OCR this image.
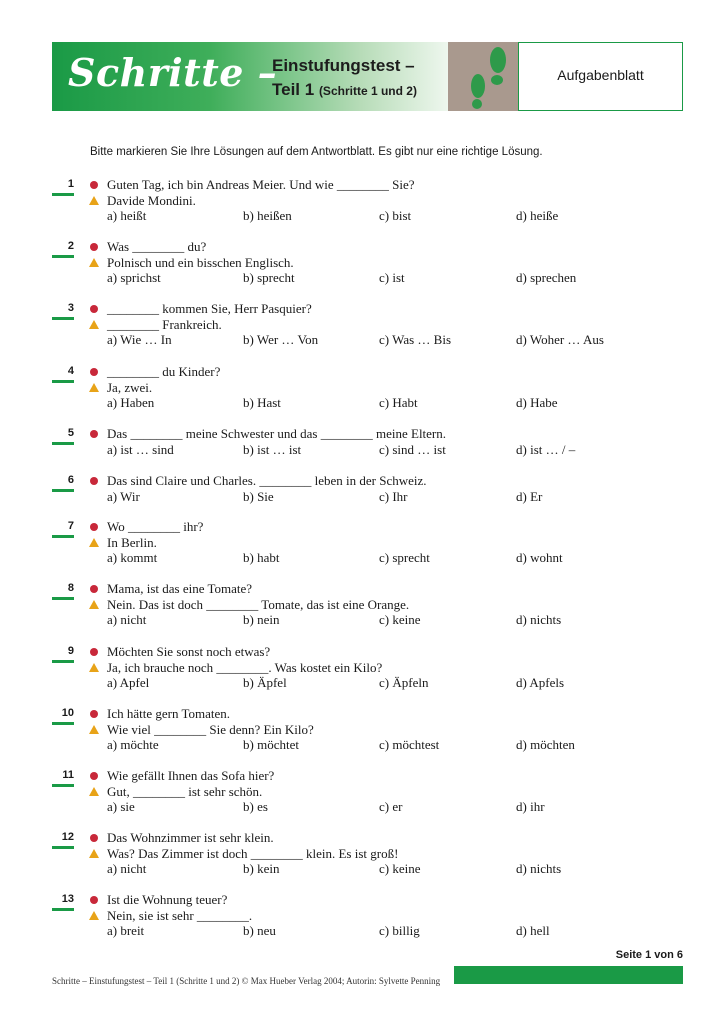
Schritte –
Einstufungstest –
Teil 1 (Schritte 1 und 2)
Aufgabenblatt
Bitte markieren Sie Ihre Lösungen auf dem Antwortblatt. Es gibt nur eine richtige Lösung.
1	Guten Tag, ich bin Andreas Meier. Und wie ________ Sie?
Davide Mondini.
a) heißt	b) heißen	c) bist	d) heiße
2	Was ________ du?
Polnisch und ein bisschen Englisch.
a) sprichst	b) sprecht	c) ist	d) sprechen
3	________ kommen Sie, Herr Pasquier?
________ Frankreich.
a) Wie … In	b) Wer … Von	c) Was … Bis	d) Woher … Aus
4	________ du Kinder?
Ja, zwei.
a) Haben	b) Hast	c) Habt	d) Habe
5	Das ________ meine Schwester und das ________ meine Eltern.
a) ist … sind	b) ist … ist	c) sind … ist	d) ist … / –
6	Das sind Claire und Charles. ________ leben in der Schweiz.
a) Wir	b) Sie	c) Ihr	d) Er
7	Wo ________ ihr?
In Berlin.
a) kommt	b) habt	c) sprecht	d) wohnt
8	Mama, ist das eine Tomate?
Nein. Das ist doch ________ Tomate, das ist eine Orange.
a) nicht	b) nein	c) keine	d) nichts
9	Möchten Sie sonst noch etwas?
Ja, ich brauche noch ________. Was kostet ein Kilo?
a) Apfel	b) Äpfel	c) Äpfeln	d) Apfels
10	Ich hätte gern Tomaten.
Wie viel ________ Sie denn? Ein Kilo?
a) möchte	b) möchtet	c) möchtest	d) möchten
11	Wie gefällt Ihnen das Sofa hier?
Gut, ________ ist sehr schön.
a) sie	b) es	c) er	d) ihr
12	Das Wohnzimmer ist sehr klein.
Was? Das Zimmer ist doch ________ klein. Es ist groß!
a) nicht	b) kein	c) keine	d) nichts
13	Ist die Wohnung teuer?
Nein, sie ist sehr ________.
a) breit	b) neu	c) billig	d) hell
Seite 1 von 6
Schritte – Einstufungstest – Teil 1 (Schritte 1 und 2) © Max Hueber Verlag 2004; Autorin: Sylvette Penning
